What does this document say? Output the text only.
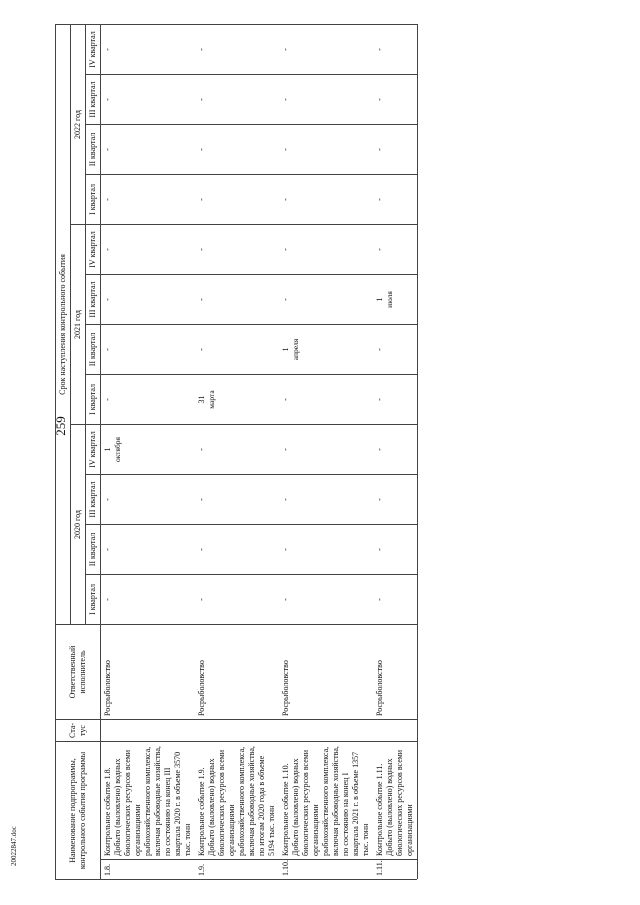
259
20022847.doc	Наименование подпрограммы, контрольного события программы		Ста-тус	Ответственный исполнитель	Срок наступления контрольного события											
				2020 год				2021 год				2022 год			
				I квартал	II квартал	III квартал	IV квартал	I квартал	II квартал	III квартал	IV квартал	I квартал	II квартал	III квартал	IV квартал
1.8.	Контрольное событие 1.8. Добыто (выловлено) водных биологических ресурсов всеми организациями рыбохозяйственного комплекса, включая рыбоводные хозяйства, по состоянию на конец III квартала 2020 г. в объеме 3570 тыс. тонн		Росрыболовство	-	-	-	1 октября	-	-	-	-	-	-	-	-

1.9.	Контрольное событие 1.9. Добыто (выловлено) водных биологических ресурсов всеми организациями рыбохозяйственного комплекса, включая рыбоводные хозяйства, по итогам 2020 года в объеме 5194 тыс. тонн		Росрыболовство	-	-	-	-	31 марта	-	-	-	-	-	-	-

1.10.	Контрольное событие 1.10. Добыто (выловлено) водных биологических ресурсов всеми организациями рыбохозяйственного комплекса, включая рыбоводные хозяйства, по состоянию на конец I квартала 2021 г. в объеме 1357 тыс. тонн		Росрыболовство	-	-	-	-	-	1 апреля	-	-	-	-	-	-

1.11.	Контрольное событие 1.11. Добыто (выловлено) водных биологических ресурсов всеми организациями		Росрыболовство	-	-	-	-	-	-	1 июля	-	-	-	-	-
